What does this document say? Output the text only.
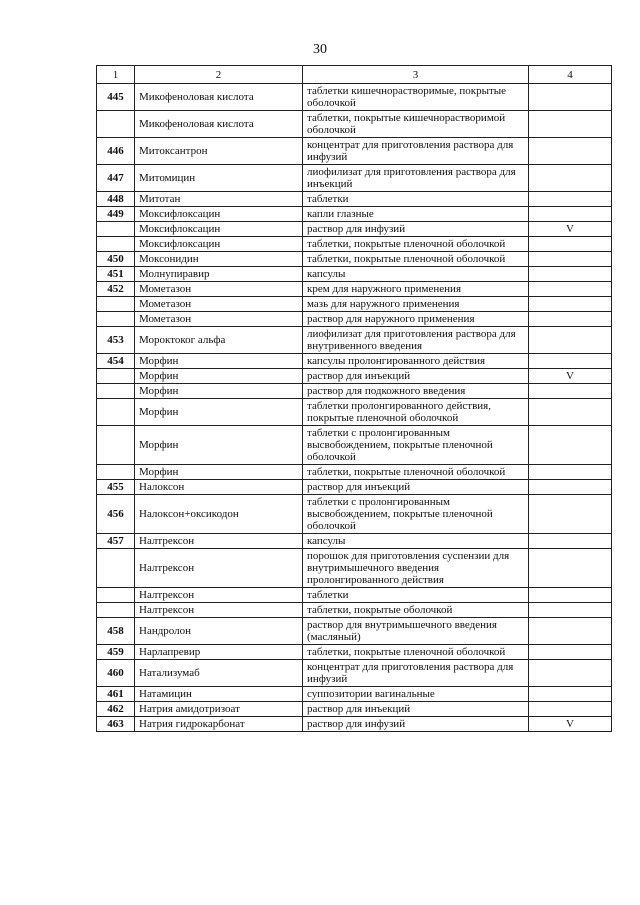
30
1	2	3	4
445	Микофеноловая кислота	таблетки кишечнорастворимые, покрытые оболочкой	
	Микофеноловая кислота	таблетки, покрытые кишечнорастворимой оболочкой	
446	Митоксантрон	концентрат для приготовления раствора для инфузий	
447	Митомицин	лиофилизат для приготовления раствора для инъекций	
448	Митотан	таблетки	
449	Моксифлоксацин	капли глазные	
	Моксифлоксацин	раствор для инфузий	V
	Моксифлоксацин	таблетки, покрытые пленочной оболочкой	
450	Моксонидин	таблетки, покрытые пленочной оболочкой	
451	Молнупиравир	капсулы	
452	Мометазон	крем для наружного применения	
	Мометазон	мазь для наружного применения	
	Мометазон	раствор для наружного применения	
453	Мороктоког альфа	лиофилизат для приготовления раствора для внутривенного введения	
454	Морфин	капсулы пролонгированного действия	
	Морфин	раствор для инъекций	V
	Морфин	раствор для подкожного введения	
	Морфин	таблетки пролонгированного действия, покрытые пленочной оболочкой	
	Морфин	таблетки с пролонгированным высвобождением, покрытые пленочной оболочкой	
	Морфин	таблетки, покрытые пленочной оболочкой	
455	Налоксон	раствор для инъекций	
456	Налоксон+оксикодон	таблетки с пролонгированным высвобождением, покрытые пленочной оболочкой	
457	Налтрексон	капсулы	
	Налтрексон	порошок для приготовления суспензии для внутримышечного введения пролонгированного действия	
	Налтрексон	таблетки	
	Налтрексон	таблетки, покрытые оболочкой	
458	Нандролон	раствор для внутримышечного введения (масляный)	
459	Нарлапревир	таблетки, покрытые пленочной оболочкой	
460	Натализумаб	концентрат для приготовления раствора для инфузий	
461	Натамицин	суппозитории вагинальные	
462	Натрия амидотризоат	раствор для инъекций	
463	Натрия гидрокарбонат	раствор для инфузий	V
